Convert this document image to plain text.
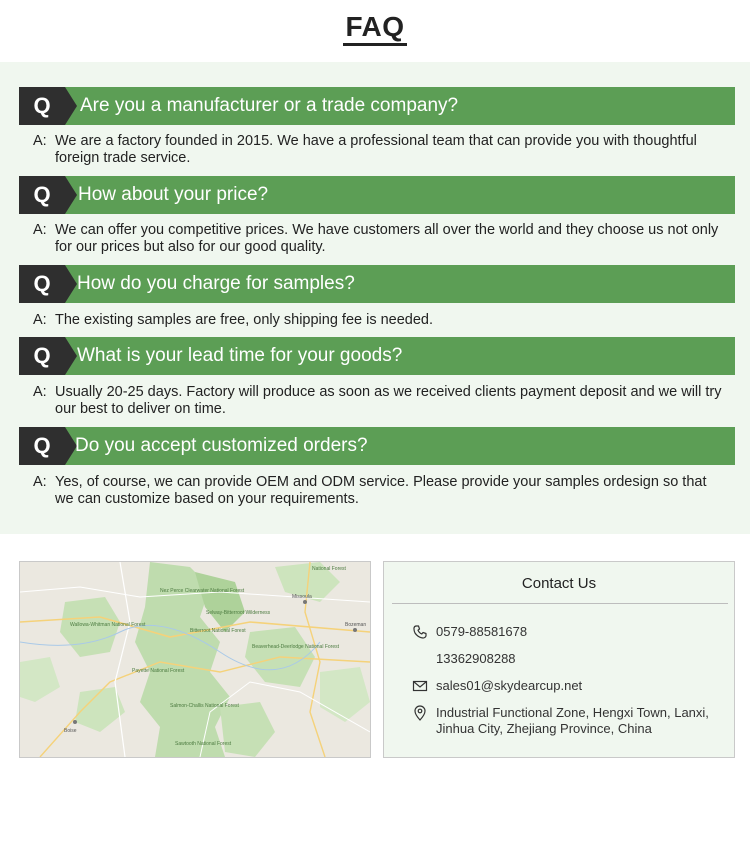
FAQ
Q	Are you a manufacturer or a trade company?
A: We are a factory founded in 2015. We have a professional team that can provide you with thoughtful foreign trade service.
Q	How about your price?
A: We can offer you competitive prices. We have customers all over the world and they choose us not only for our prices but also for our good quality.
Q	How do you charge for samples?
A: The existing samples are free, only shipping fee is needed.
Q	What is your lead time for your goods?
A: Usually 20-25 days. Factory will produce as soon as we received clients payment deposit and we will try our best to deliver on time.
Q	Do you accept customized orders?
A: Yes, of course, we can provide OEM and ODM service. Please provide your samples ordesign so that we can customize based on your requirements.
National Forest
Nez Perce Clearwater National Forest
Selway-Bitterroot Wilderness
Bitterroot National Forest
Wallowa-Whitman National Forest
Beaverhead-Deerlodge National Forest
Payette National Forest
Salmon-Challis National Forest
Sawtooth National Forest
Bozeman
Missoula
Boise
Contact Us
0579-88581678
13362908288
sales01@skydearcup.net
Industrial Functional Zone, Hengxi Town, Lanxi, Jinhua City, Zhejiang Province, China
